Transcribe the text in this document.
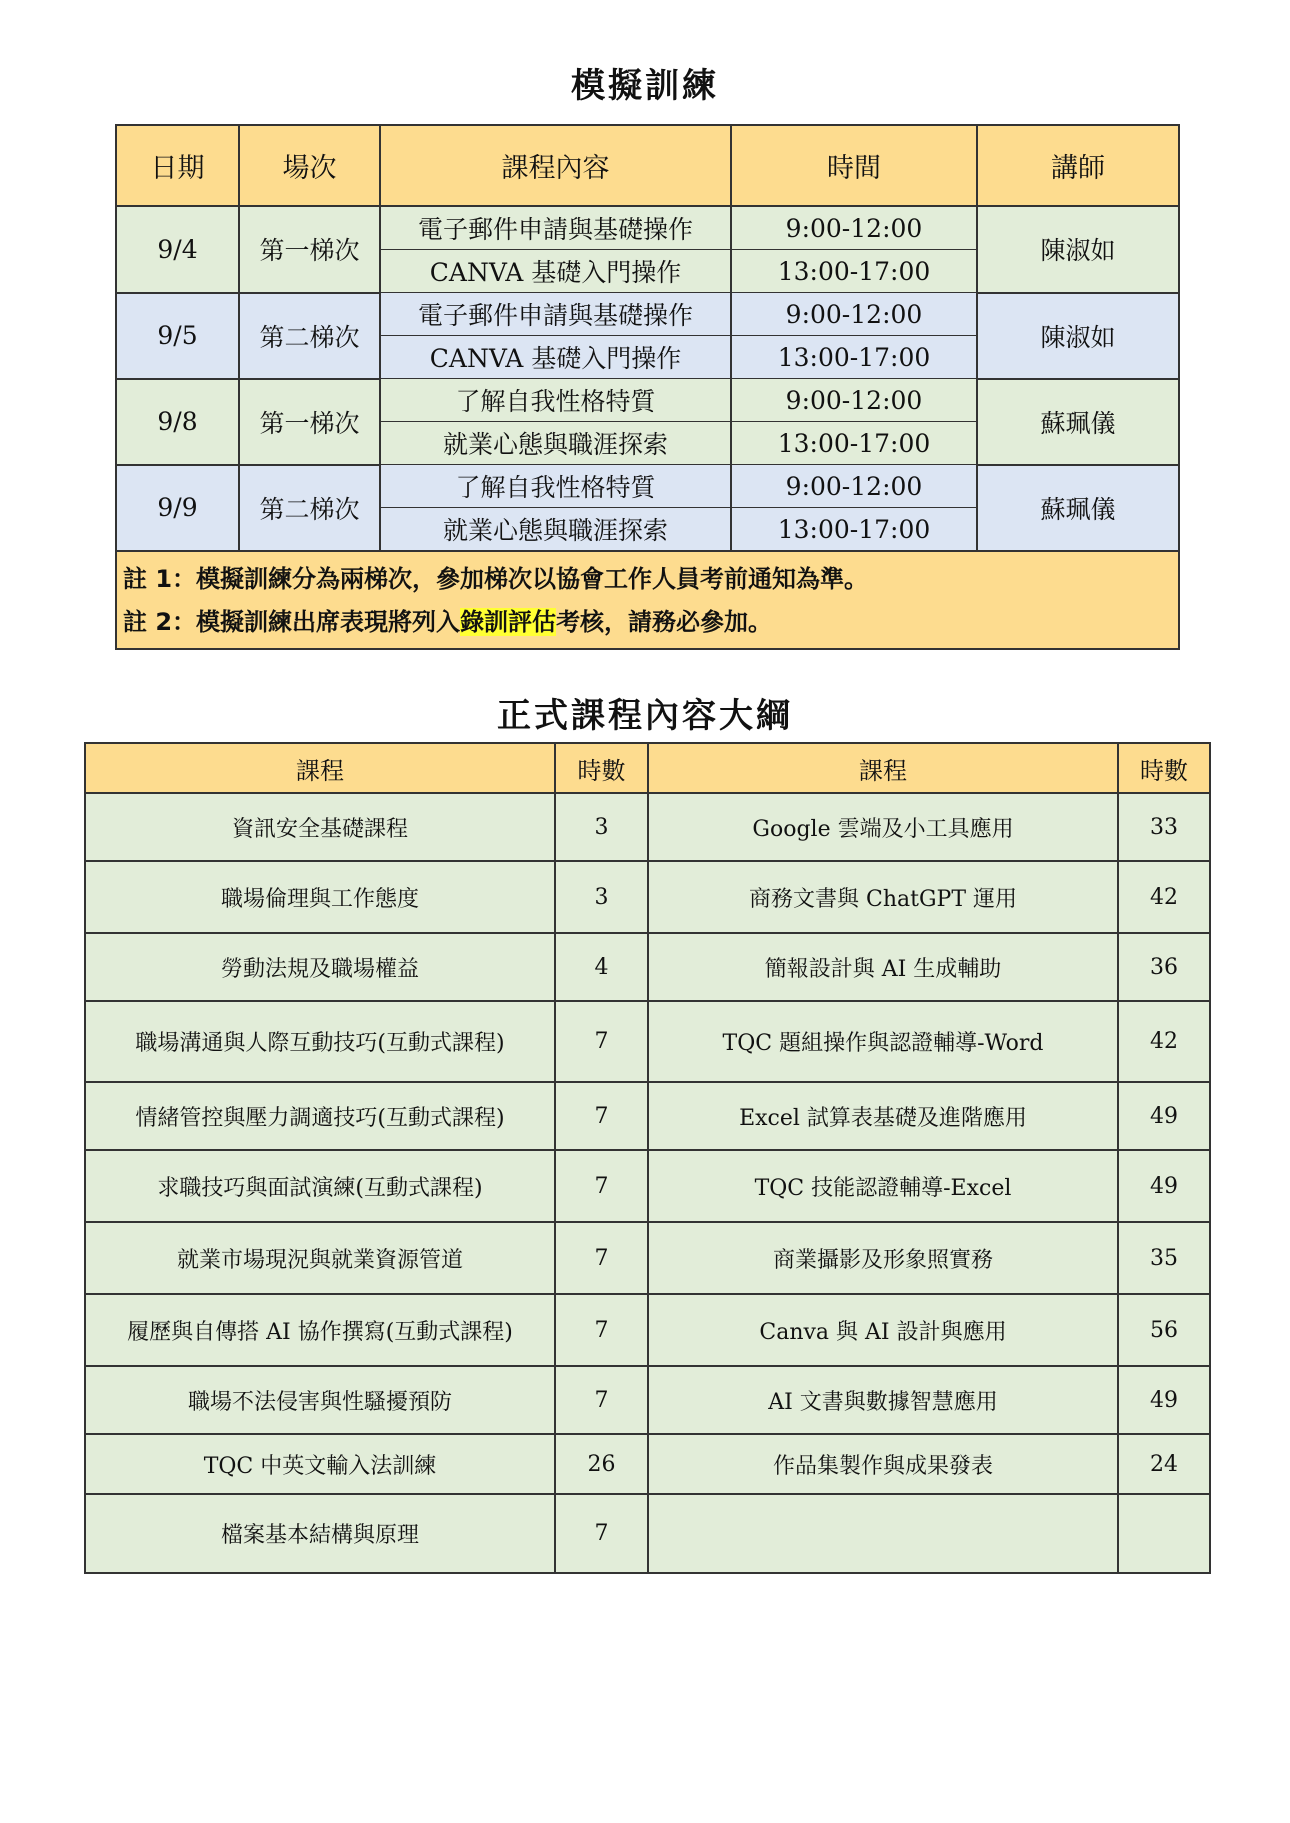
模擬訓練
日期	場次	課程內容	時間	講師
9/4	第一梯次	電子郵件申請與基礎操作	9:00-12:00	陳淑如
		CANVA 基礎入門操作	13:00-17:00	
9/5	第二梯次	電子郵件申請與基礎操作	9:00-12:00	陳淑如
		CANVA 基礎入門操作	13:00-17:00	
9/8	第一梯次	了解自我性格特質	9:00-12:00	蘇珮儀
		就業心態與職涯探索	13:00-17:00	
9/9	第二梯次	了解自我性格特質	9:00-12:00	蘇珮儀
		就業心態與職涯探索	13:00-17:00	

註 1：模擬訓練分為兩梯次，參加梯次以協會工作人員考前通知為準。
註 2：模擬訓練出席表現將列入錄訓評估考核，請務必參加。				
正式課程內容大綱
課程	時數	課程	時數
資訊安全基礎課程	3	Google 雲端及小工具應用	33
職場倫理與工作態度	3	商務文書與 ChatGPT 運用	42
勞動法規及職場權益	4	簡報設計與 AI 生成輔助	36
職場溝通與人際互動技巧(互動式課程)	7	TQC 題組操作與認證輔導-Word	42
情緒管控與壓力調適技巧(互動式課程)	7	Excel 試算表基礎及進階應用	49
求職技巧與面試演練(互動式課程)	7	TQC 技能認證輔導-Excel	49
就業市場現況與就業資源管道	7	商業攝影及形象照實務	35
履歷與自傳搭 AI 協作撰寫(互動式課程)	7	Canva 與 AI 設計與應用	56
職場不法侵害與性騷擾預防	7	AI 文書與數據智慧應用	49
TQC 中英文輸入法訓練	26	作品集製作與成果發表	24
檔案基本結構與原理	7		
